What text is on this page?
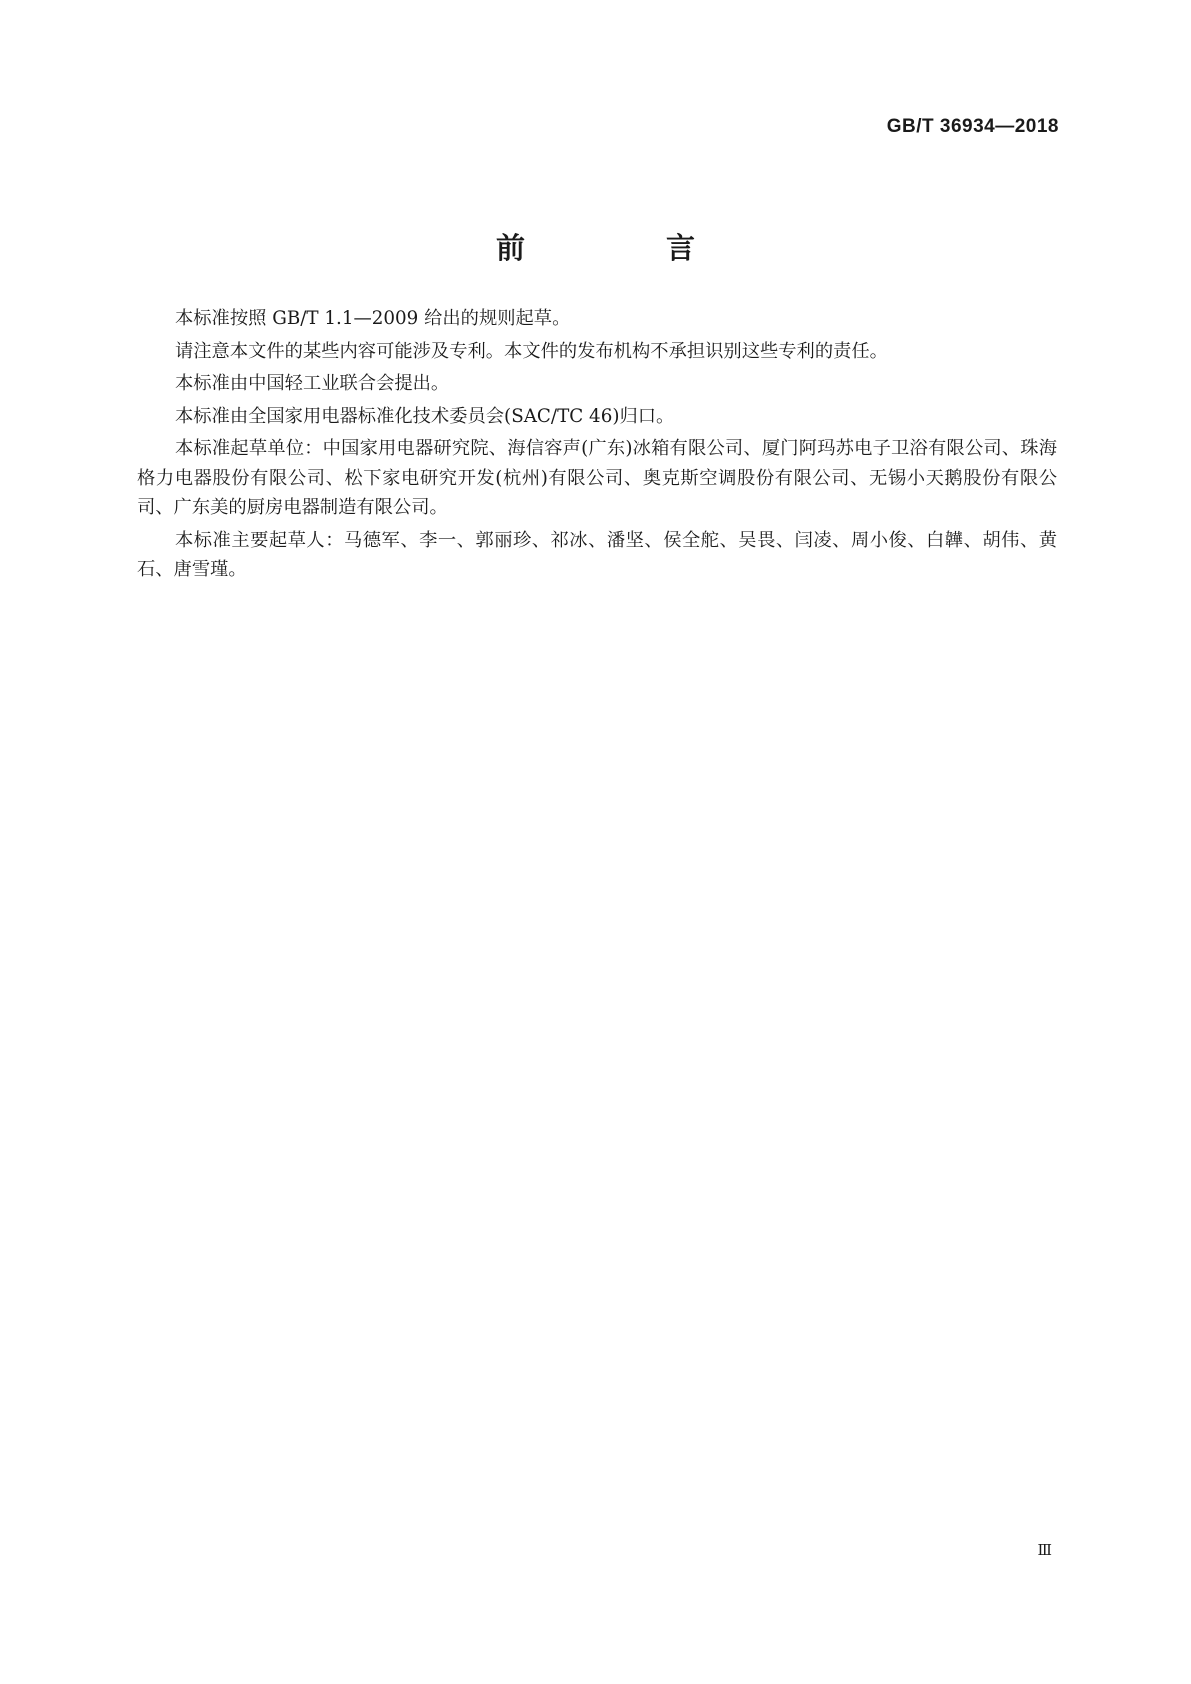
GB/T 36934—2018
前　言

本标准按照 GB/T 1.1—2009 给出的规则起草。

请注意本文件的某些内容可能涉及专利。本文件的发布机构不承担识别这些专利的责任。

本标准由中国轻工业联合会提出。

本标准由全国家用电器标准化技术委员会(SAC/TC 46)归口。

本标准起草单位：中国家用电器研究院、海信容声(广东)冰箱有限公司、厦门阿玛苏电子卫浴有限公司、珠海格力电器股份有限公司、松下家电研究开发(杭州)有限公司、奥克斯空调股份有限公司、无锡小天鹅股份有限公司、广东美的厨房电器制造有限公司。

本标准主要起草人：马德军、李一、郭丽珍、祁冰、潘坚、侯全舵、吴畏、闫凌、周小俊、白韡、胡伟、黄石、唐雪瑾。

Ⅲ
